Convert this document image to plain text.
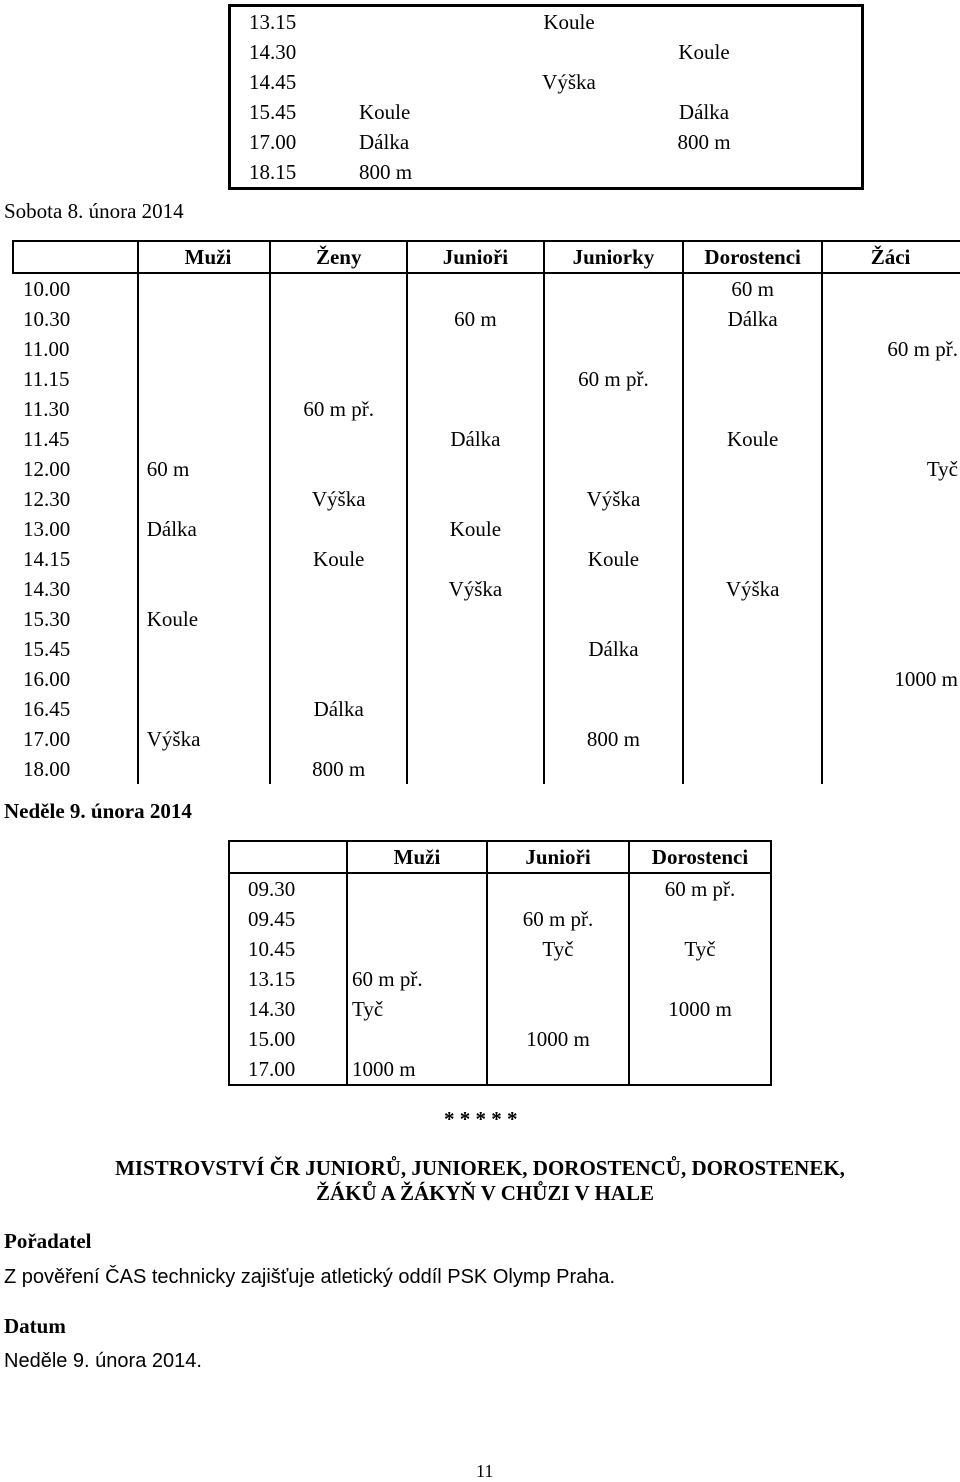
13.15		Koule		
14.30			Koule	
14.45		Výška		
15.45	Koule		Dálka	
17.00	Dálka		800 m	
18.15	800 m			
Sobota 8. února 2014
	Muži	Ženy	Junioři	Juniorky	Dorostenci	Žáci
10.00					60 m	
10.30			60 m		Dálka	
11.00						60 m př.
11.15				60 m př.		
11.30		60 m př.				
11.45			Dálka		Koule	
12.00	60 m					Tyč
12.30		Výška		Výška		
13.00	Dálka		Koule			
14.15		Koule		Koule		
14.30			Výška		Výška	
15.30	Koule					
15.45				Dálka		
16.00						1000 m
16.45		Dálka				
17.00	Výška			800 m		
18.00		800 m				
Neděle 9. února 2014
	Muži	Junioři	Dorostenci
09.30			60 m př.
09.45		60 m př.	
10.45		Tyč	Tyč
13.15	60 m př.		
14.30	Tyč		1000 m
15.00		1000 m	
17.00	1000 m		
* * * * *
MISTROVSTVÍ ČR JUNIORŮ, JUNIOREK, DOROSTENCŮ, DOROSTENEK,
ŽÁKŮ A ŽÁKYŇ V CHŮZI V HALE
Pořadatel
Z pověření ČAS technicky zajišťuje atletický oddíl PSK Olymp Praha.
Datum
Neděle 9. února 2014.
11
